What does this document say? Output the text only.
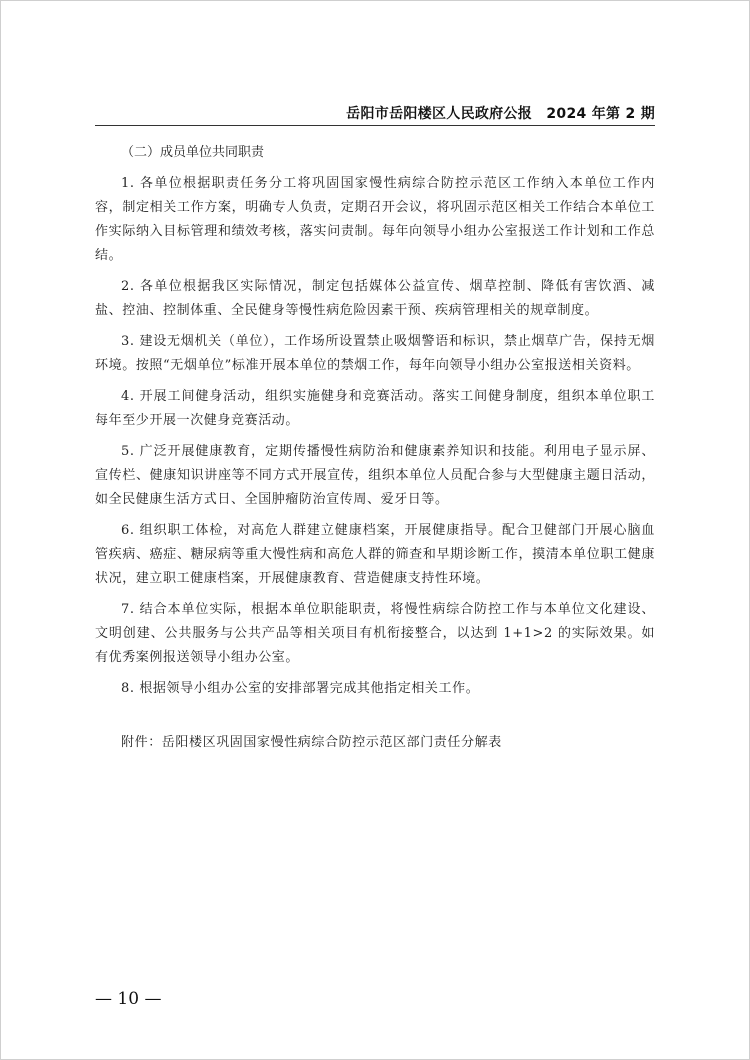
岳阳市岳阳楼区人民政府公报　2024 年第 2 期

（二）成员单位共同职责

1. 各单位根据职责任务分工将巩固国家慢性病综合防控示范区工作纳入本单位工作内容，制定相关工作方案，明确专人负责，定期召开会议，将巩固示范区相关工作结合本单位工作实际纳入目标管理和绩效考核，落实问责制。每年向领导小组办公室报送工作计划和工作总结。

2. 各单位根据我区实际情况，制定包括媒体公益宣传、烟草控制、降低有害饮酒、减盐、控油、控制体重、全民健身等慢性病危险因素干预、疾病管理相关的规章制度。

3. 建设无烟机关（单位），工作场所设置禁止吸烟警语和标识，禁止烟草广告，保持无烟环境。按照“无烟单位”标准开展本单位的禁烟工作，每年向领导小组办公室报送相关资料。

4. 开展工间健身活动，组织实施健身和竞赛活动。落实工间健身制度，组织本单位职工每年至少开展一次健身竞赛活动。

5. 广泛开展健康教育，定期传播慢性病防治和健康素养知识和技能。利用电子显示屏、宣传栏、健康知识讲座等不同方式开展宣传，组织本单位人员配合参与大型健康主题日活动，如全民健康生活方式日、全国肿瘤防治宣传周、爱牙日等。

6. 组织职工体检，对高危人群建立健康档案，开展健康指导。配合卫健部门开展心脑血管疾病、癌症、糖尿病等重大慢性病和高危人群的筛查和早期诊断工作，摸清本单位职工健康状况，建立职工健康档案，开展健康教育、营造健康支持性环境。

7. 结合本单位实际，根据本单位职能职责，将慢性病综合防控工作与本单位文化建设、文明创建、公共服务与公共产品等相关项目有机衔接整合，以达到 1+1>2 的实际效果。如有优秀案例报送领导小组办公室。

8. 根据领导小组办公室的安排部署完成其他指定相关工作。

附件：岳阳楼区巩固国家慢性病综合防控示范区部门责任分解表

— 10 —
